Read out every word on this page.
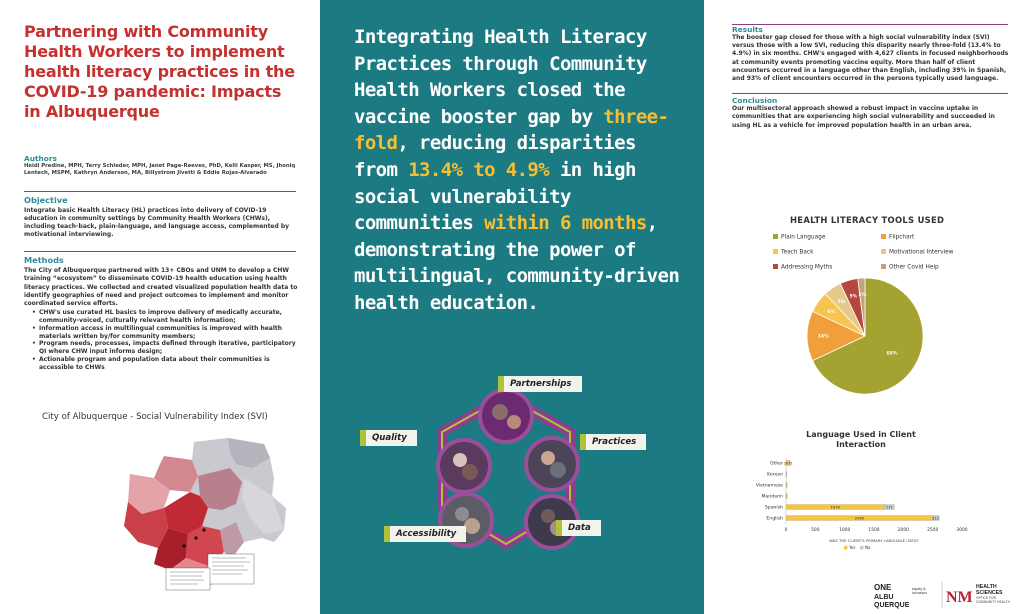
Partnering with Community Health Workers to implement health literacy practices in the COVID-19 pandemic: Impacts in Albuquerque
Authors
Heidi Predine, MPH, Terry Schleder, MPH, Janet Page-Reeves, PhD, Kelli Kasper, MS, Jhoniq Lentech, MSPM, Kathryn Anderson, MA, Billystrom Jivetti & Eddie Rojas-Alvarado
Objective
Integrate basic Health Literacy (HL) practices into delivery of COVID-19 education in community settings by Community Health Workers (CHWs), including teach-back, plain-language, and language access, complemented by motivational interviewing.
Methods
The City of Albuquerque partnered with 13+ CBOs and UNM to develop a CHW training “ecosystem” to disseminate COVID-19 health education using health literacy practices. We collected and created visualized population health data to identify geographies of need and project outcomes to implement and monitor coordinated service efforts.
• CHW's use curated HL basics to improve delivery of medically accurate, community-voiced, culturally relevant health information;
• Information access in multilingual communities is improved with health materials written by/for community members;
• Program needs, processes, impacts defined through iterative, participatory QI where CHW input informs design;
• Actionable program and population data about their communities is accessible to CHWs
City of Albuquerque - Social Vulnerability Index (SVI)
Integrating Health Literacy Practices through Community Health Workers closed the vaccine booster gap by three-fold, reducing disparities from 13.4% to 4.9% in high social vulnerability communities within 6 months, demonstrating the power of multilingual, community-driven health education.
Partnerships
Quality	Practices
Accessibility
Data
Results
The booster gap closed for those with a high social vulnerability index (SVI) versus those with a low SVI, reducing this disparity nearly three-fold (13.4% to 4.9%) in six months. CHW's engaged with 4,627 clients in focused neighborhoods at community events promoting vaccine equity. More than half of client encounters occurred in a language other than English, including 39% in Spanish, and 93% of client encounters occurred in the persons typically used language.
Conclusion
Our multisectoral approach showed a robust impact in vaccine uptake in communities that are experiencing high social vulnerability and succeeded in using HL as a vehicle for improved population health in an urban area.
HEALTH LITERACY TOOLS USED
Plain Language	Flipchart
Teach Back	Motivational Interview
Addressing Myths	Other Covid Help
68%
14%
6%
5%
5% 2%
Language Used in Client Interaction
Other
Korean
Vietnamese
Mandarin
Spanish
English
2071
1678	171
2498	112
0	500	1000	1500	2000	2500	3000
WAS THE CLIENT'S PRIMARY LANGUAGE USED?
Yes No
ONE
ALBU
QUERQUE
equity &
inclusion NM
HEALTH
SCIENCES
OFFICE FOR
COMMUNITY HEALTH
